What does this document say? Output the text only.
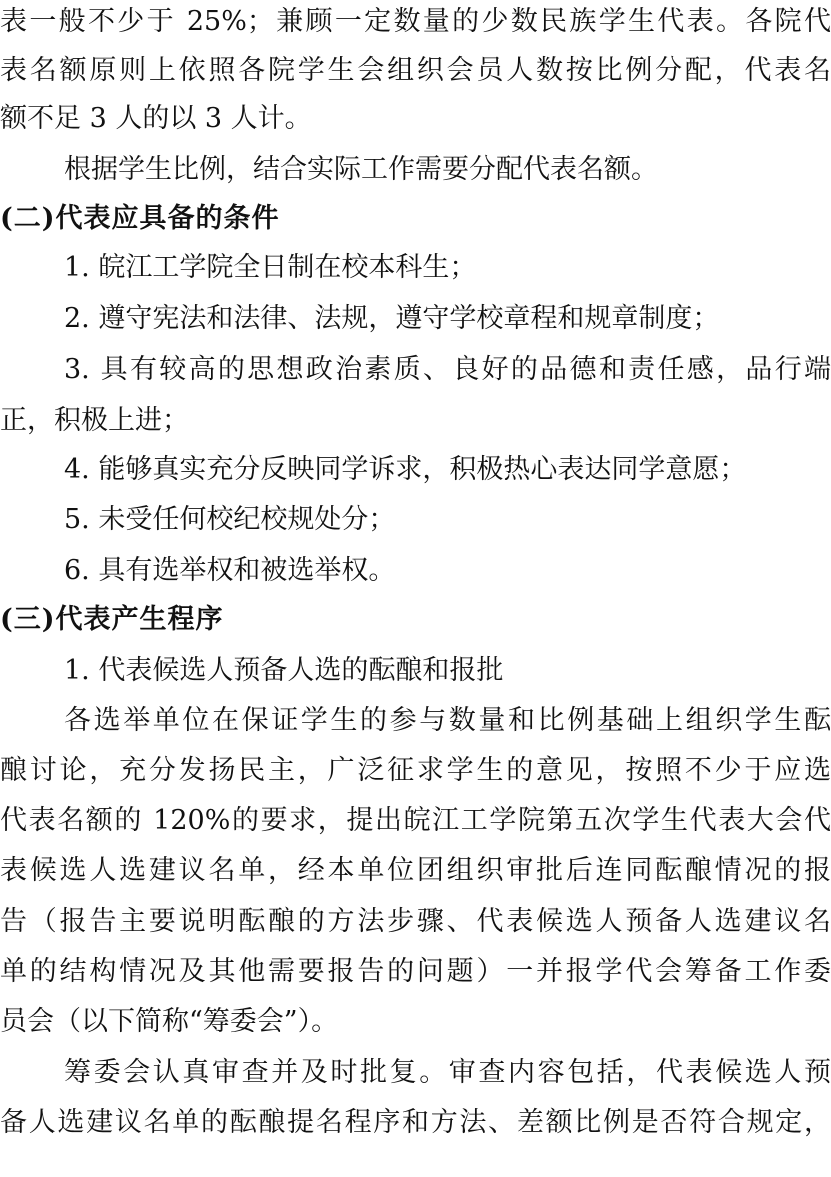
表一般不少于 25%；兼顾一定数量的少数民族学生代表。各院代
表名额原则上依照各院学生会组织会员人数按比例分配，代表名
额不足 3 人的以 3 人计。
根据学生比例，结合实际工作需要分配代表名额。
(二)代表应具备的条件
1. 皖江工学院全日制在校本科生；
2. 遵守宪法和法律、法规，遵守学校章程和规章制度；
3. 具有较高的思想政治素质、良好的品德和责任感，品行端
正，积极上进；
4. 能够真实充分反映同学诉求，积极热心表达同学意愿；
5. 未受任何校纪校规处分；
6. 具有选举权和被选举权。
(三)代表产生程序
1. 代表候选人预备人选的酝酿和报批
各选举单位在保证学生的参与数量和比例基础上组织学生酝
酿讨论，充分发扬民主，广泛征求学生的意见，按照不少于应选
代表名额的 120%的要求，提出皖江工学院第五次学生代表大会代
表候选人选建议名单，经本单位团组织审批后连同酝酿情况的报
告（报告主要说明酝酿的方法步骤、代表候选人预备人选建议名
单的结构情况及其他需要报告的问题）一并报学代会筹备工作委
员会（以下简称“筹委会”）。
筹委会认真审查并及时批复。审查内容包括，代表候选人预
备人选建议名单的酝酿提名程序和方法、差额比例是否符合规定，
